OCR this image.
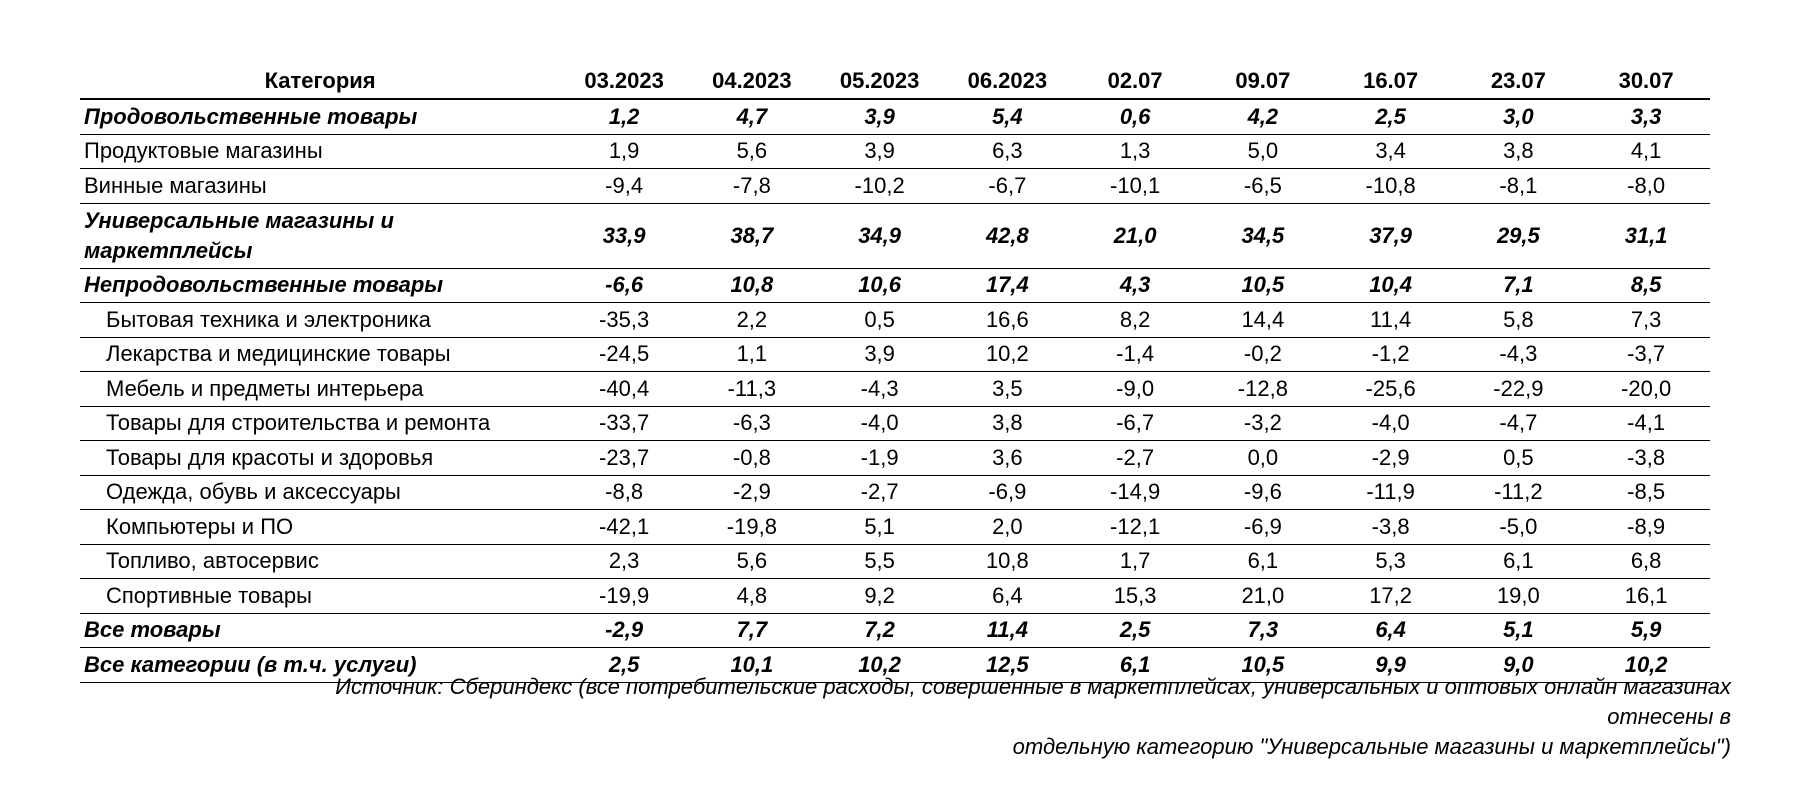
Категория	03.2023	04.2023	05.2023	06.2023	02.07	09.07	16.07	23.07	30.07
Продовольственные товары	1,2	4,7	3,9	5,4	0,6	4,2	2,5	3,0	3,3
Продуктовые магазины	1,9	5,6	3,9	6,3	1,3	5,0	3,4	3,8	4,1
Винные магазины	-9,4	-7,8	-10,2	-6,7	-10,1	-6,5	-10,8	-8,1	-8,0
Универсальные магазины и маркетплейсы	33,9	38,7	34,9	42,8	21,0	34,5	37,9	29,5	31,1
Непродовольственные товары	-6,6	10,8	10,6	17,4	4,3	10,5	10,4	7,1	8,5
Бытовая техника и электроника	-35,3	2,2	0,5	16,6	8,2	14,4	11,4	5,8	7,3
Лекарства и медицинские товары	-24,5	1,1	3,9	10,2	-1,4	-0,2	-1,2	-4,3	-3,7
Мебель и предметы интерьера	-40,4	-11,3	-4,3	3,5	-9,0	-12,8	-25,6	-22,9	-20,0
Товары для строительства и ремонта	-33,7	-6,3	-4,0	3,8	-6,7	-3,2	-4,0	-4,7	-4,1
Товары для красоты и здоровья	-23,7	-0,8	-1,9	3,6	-2,7	0,0	-2,9	0,5	-3,8
Одежда, обувь и аксессуары	-8,8	-2,9	-2,7	-6,9	-14,9	-9,6	-11,9	-11,2	-8,5
Компьютеры и ПО	-42,1	-19,8	5,1	2,0	-12,1	-6,9	-3,8	-5,0	-8,9
Топливо, автосервис	2,3	5,6	5,5	10,8	1,7	6,1	5,3	6,1	6,8
Спортивные товары	-19,9	4,8	9,2	6,4	15,3	21,0	17,2	19,0	16,1
Все товары	-2,9	7,7	7,2	11,4	2,5	7,3	6,4	5,1	5,9
Все категории (в т.ч. услуги)	2,5	10,1	10,2	12,5	6,1	10,5	9,9	9,0	10,2
Источник: Сбериндекс (все потребительские расходы, совершенные в маркетплейсах, универсальных и оптовых онлайн магазинах отнесены в
отдельную категорию "Универсальные магазины и маркетплейсы")
